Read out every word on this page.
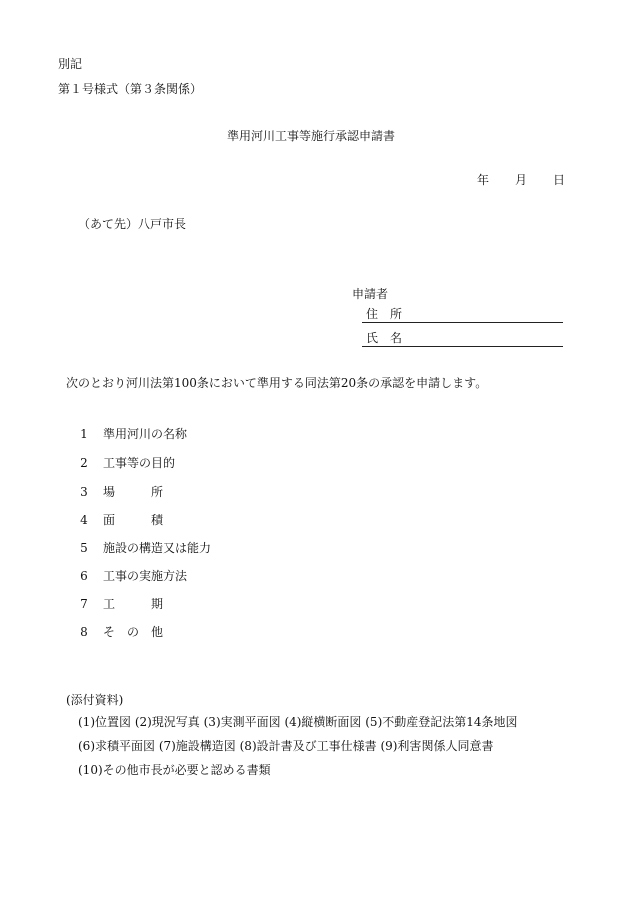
別記
第１号様式（第３条関係）
準用河川工事等施行承認申請書
年 月 日
（あて先）八戸市長
申請者
住　所
氏　名
次のとおり河川法第100条において準用する同法第20条の承認を申請します。
1 準用河川の名称
2 工事等の目的
3 場　　　所
4 面　　　積
5 施設の構造又は能力
6 工事の実施方法
7 工　　　期
8 そ　の　他
(添付資料)
(1)位置図 (2)現況写真 (3)実測平面図 (4)縦横断面図 (5)不動産登記法第14条地図
(6)求積平面図 (7)施設構造図 (8)設計書及び工事仕様書 (9)利害関係人同意書
(10)その他市長が必要と認める書類
